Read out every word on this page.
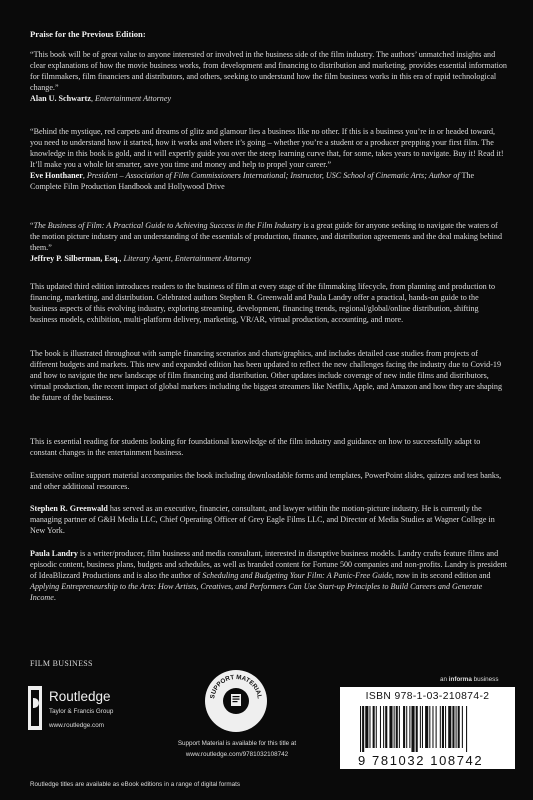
Praise for the Previous Edition:
“This book will be of great value to anyone interested or involved in the business side of the film industry. The authors’ unmatched insights and clear explanations of how the movie business works, from development and financing to distribution and marketing, provides essential information for filmmakers, film financiers and distributors, and others, seeking to understand how the film business works in this era of rapid technological change.”
Alan U. Schwartz, Entertainment Attorney
“Behind the mystique, red carpets and dreams of glitz and glamour lies a business like no other. If this is a business you’re in or headed toward, you need to understand how it started, how it works and where it’s going – whether you’re a student or a producer prepping your first film. The knowledge in this book is gold, and it will expertly guide you over the steep learning curve that, for some, takes years to navigate. Buy it! Read it! It’ll make you a whole lot smarter, save you time and money and help to propel your career.”
Eve Honthaner, President – Association of Film Commissioners International; Instructor, USC School of Cinematic Arts; Author of The Complete Film Production Handbook and Hollywood Drive
“The Business of Film: A Practical Guide to Achieving Success in the Film Industry is a great guide for anyone seeking to navigate the waters of the motion picture industry and an understanding of the essentials of production, finance, and distribution agreements and the deal making behind them.”
Jeffrey P. Silberman, Esq., Literary Agent, Entertainment Attorney
This updated third edition introduces readers to the business of film at every stage of the filmmaking lifecycle, from planning and production to financing, marketing, and distribution. Celebrated authors Stephen R. Greenwald and Paula Landry offer a practical, hands-on guide to the business aspects of this evolving industry, exploring streaming, development, financing trends, regional/global/online distribution, shifting business models, exhibition, multi-platform delivery, marketing, VR/AR, virtual production, accounting, and more.
The book is illustrated throughout with sample financing scenarios and charts/graphics, and includes detailed case studies from projects of different budgets and markets. This new and expanded edition has been updated to reflect the new challenges facing the industry due to Covid-19 and how to navigate the new landscape of film financing and distribution. Other updates include coverage of new indie films and distributors, virtual production, the recent impact of global markers including the biggest streamers like Netflix, Apple, and Amazon and how they are shaping the future of the business.
This is essential reading for students looking for foundational knowledge of the film industry and guidance on how to successfully adapt to constant changes in the entertainment business.
Extensive online support material accompanies the book including downloadable forms and templates, PowerPoint slides, quizzes and test banks, and other additional resources.
Stephen R. Greenwald has served as an executive, financier, consultant, and lawyer within the motion-picture industry. He is currently the managing partner of G&H Media LLC, Chief Operating Officer of Grey Eagle Films LLC, and Director of Media Studies at Wagner College in New York.
Paula Landry is a writer/producer, film business and media consultant, interested in disruptive business models. Landry crafts feature films and episodic content, business plans, budgets and schedules, as well as branded content for Fortune 500 companies and non-profits. Landry is president of IdeaBlizzard Productions and is also the author of Scheduling and Budgeting Your Film: A Panic-Free Guide, now in its second edition and Applying Entrepreneurship to the Arts: How Artists, Creatives, and Performers Can Use Start-up Principles to Build Careers and Generate Income.
FILM BUSINESS
Routledge
Taylor & Francis Group
www.routledge.com
SUPPORT MATERIAL
Support Material is available for this title at
www.routledge.com/9781032108742
an informa business
ISBN 978-1-03-210874-2
9 781032 108742
Routledge titles are available as eBook editions in a range of digital formats
